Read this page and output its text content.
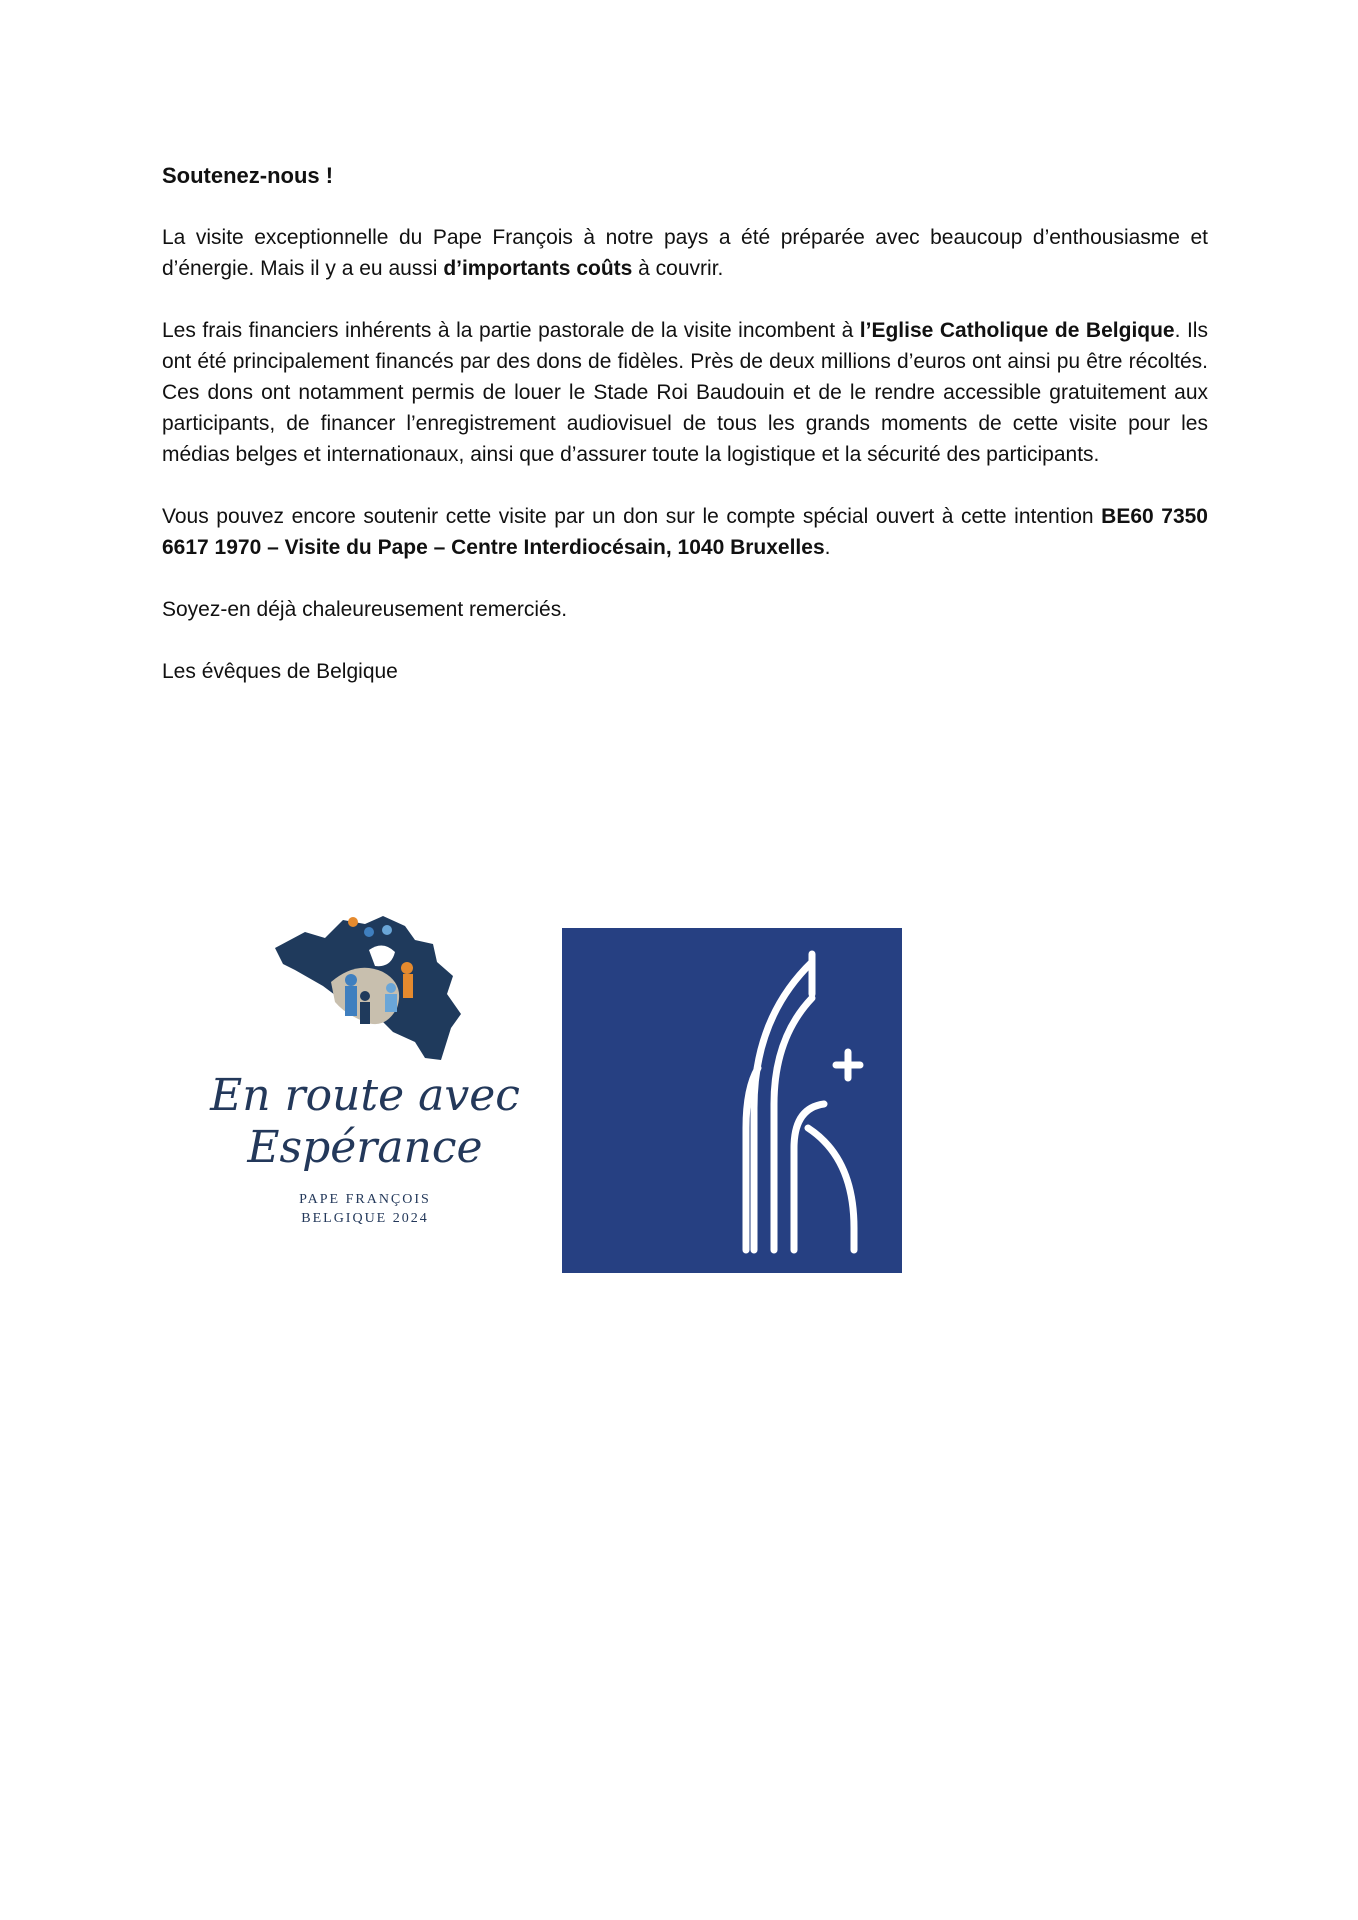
Soutenez-nous !

La visite exceptionnelle du Pape François à notre pays a été préparée avec beaucoup d’enthousiasme et d’énergie. Mais il y a eu aussi d’importants coûts à couvrir.

Les frais financiers inhérents à la partie pastorale de la visite incombent à l’Eglise Catholique de Belgique. Ils ont été principalement financés par des dons de fidèles. Près de deux millions d’euros ont ainsi pu être récoltés. Ces dons ont notamment permis de louer le Stade Roi Baudouin et de le rendre accessible gratuitement aux participants, de financer l’enregistrement audiovisuel de tous les grands moments de cette visite pour les médias belges et internationaux, ainsi que d’assurer toute la logistique et la sécurité des participants.

Vous pouvez encore soutenir cette visite par un don sur le compte spécial ouvert à cette intention BE60 7350 6617 1970 – Visite du Pape – Centre Interdiocésain, 1040 Bruxelles.

Soyez-en déjà chaleureusement remerciés.

Les évêques de Belgique

En route avec
Espérance
PAPE FRANÇOIS
BELGIQUE 2024
